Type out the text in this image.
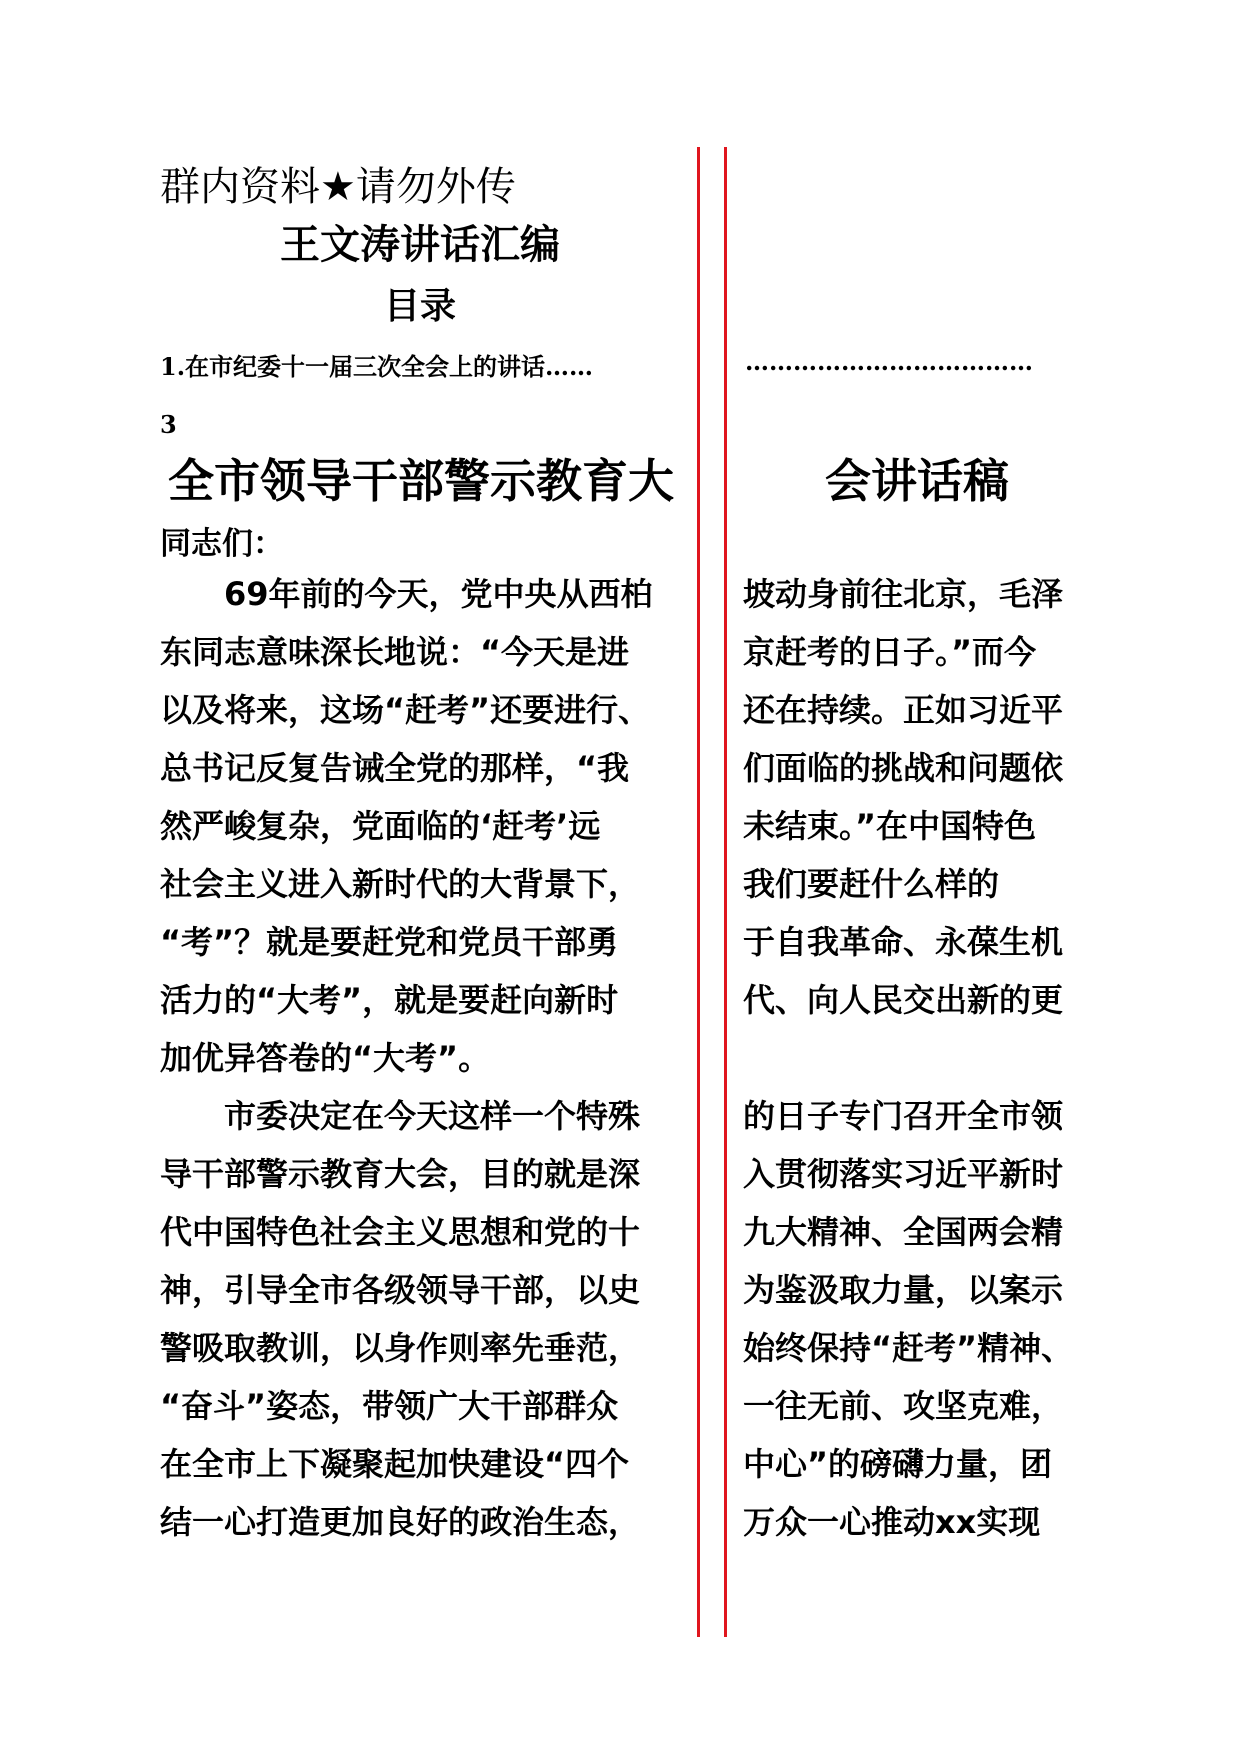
群内资料★请勿外传
王文涛讲话汇编
目录
1.在市纪委十一届三次全会上的讲话……	………………………………
3
全市领导干部警示教育大	会讲话稿
同志们：
　　69年前的今天，党中央从西柏
东同志意味深长地说：“今天是进
以及将来，这场“赶考”还要进行、
总书记反复告诫全党的那样，“我
然严峻复杂，党面临的‘赶考’远
社会主义进入新时代的大背景下，
“考”？就是要赶党和党员干部勇
活力的“大考”，就是要赶向新时
加优异答卷的“大考”。
　　市委决定在今天这样一个特殊
导干部警示教育大会，目的就是深
代中国特色社会主义思想和党的十
神，引导全市各级领导干部，以史
警吸取教训，以身作则率先垂范，
“奋斗”姿态，带领广大干部群众
在全市上下凝聚起加快建设“四个
结一心打造更加良好的政治生态，
坡动身前往北京，毛泽
京赶考的日子。”而今
还在持续。正如习近平
们面临的挑战和问题依
未结束。”在中国特色
我们要赶什么样的
于自我革命、永葆生机
代、向人民交出新的更
的日子专门召开全市领
入贯彻落实习近平新时
九大精神、全国两会精
为鉴汲取力量，以案示
始终保持“赶考”精神、
一往无前、攻坚克难，
中心”的磅礴力量，团
万众一心推动xx实现
